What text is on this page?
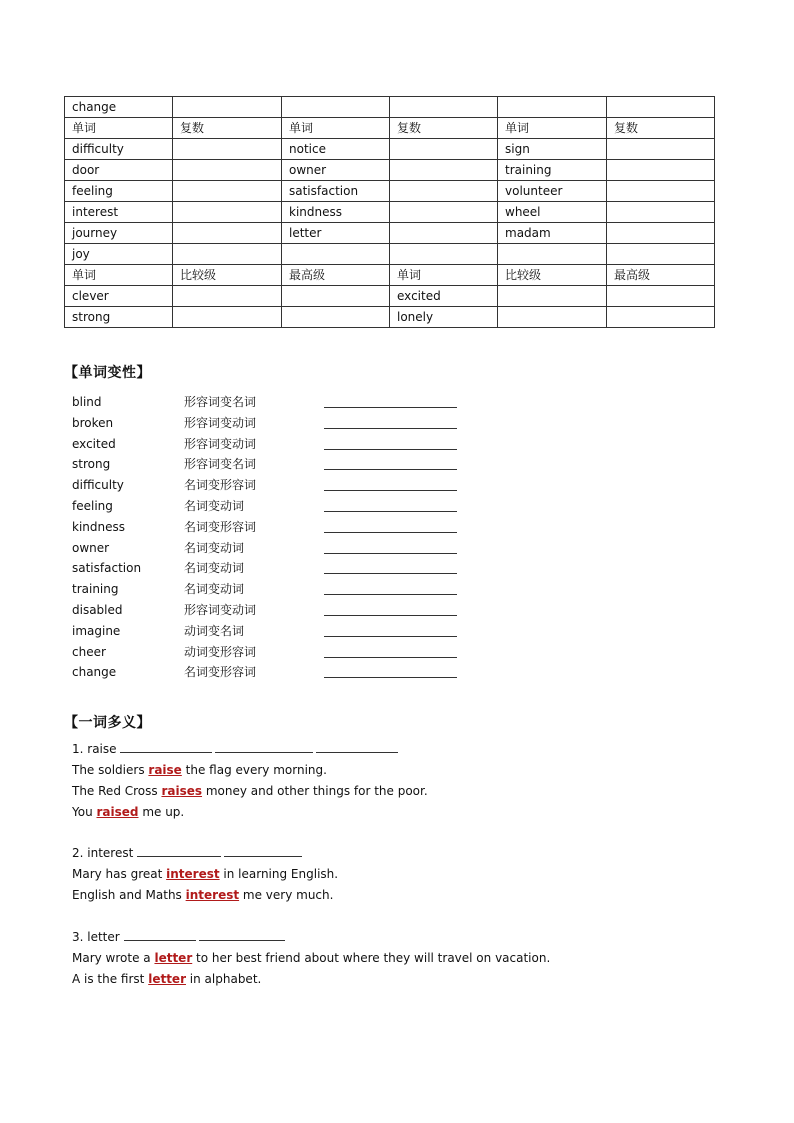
change					
单词	复数	单词	复数	单词	复数
difficulty		notice		sign	
door		owner		training	
feeling		satisfaction		volunteer	
interest		kindness		wheel	
journey		letter		madam	
joy					
单词	比较级	最高级	单词	比较级	最高级
clever			excited		
strong			lonely		
【单词变性】
blind	形容词变名词
broken	形容词变动词
excited	形容词变动词
strong	形容词变名词
difficulty	名词变形容词
feeling	名词变动词
kindness	名词变形容词
owner	名词变动词
satisfaction	名词变动词
training	名词变动词
disabled	形容词变动词
imagine	动词变名词
cheer	动词变形容词
change	名词变形容词
【一词多义】
1. raise
The soldiers raise the flag every morning.
The Red Cross raises money and other things for the poor.
You raised me up.
2. interest
Mary has great interest in learning English.
English and Maths interest me very much.
3. letter
Mary wrote a letter to her best friend about where they will travel on vacation.
A is the first letter in alphabet.
